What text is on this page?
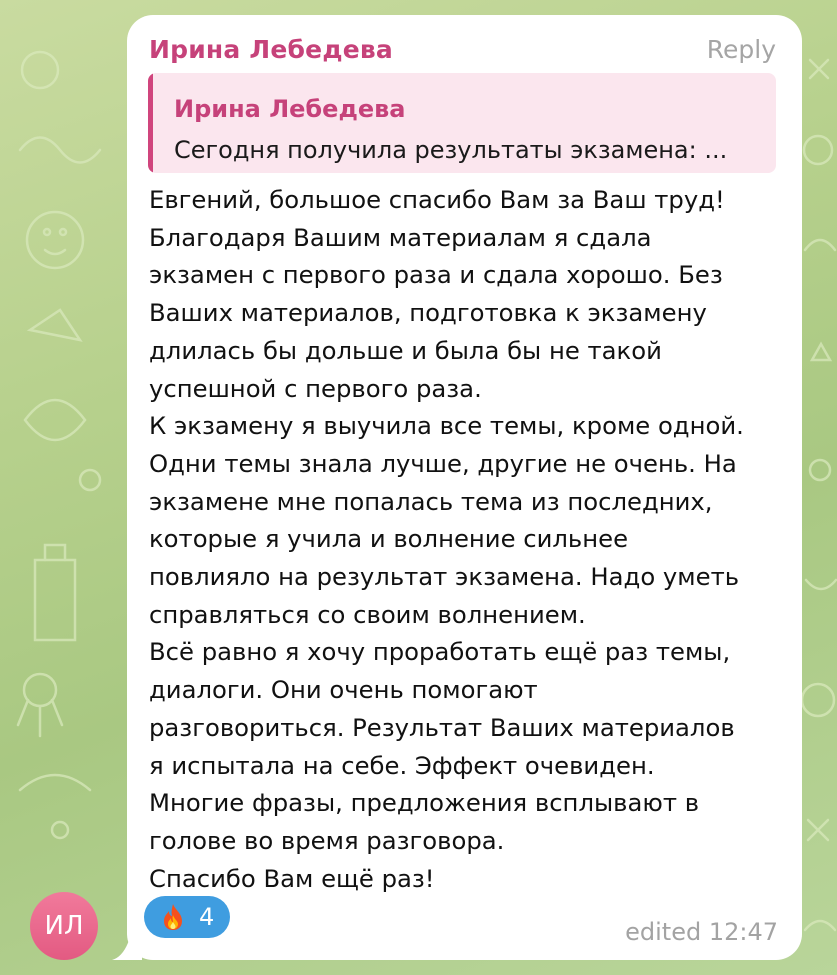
Ирина Лебедева	Reply
Ирина Лебедева
Сегодня получила результаты экзамена: ...
Евгений, большое спасибо Вам за Ваш труд!
Благодаря Вашим материалам я сдала
экзамен с первого раза и сдала хорошо. Без
Ваших материалов, подготовка к экзамену
длилась бы дольше и была бы не такой
успешной с первого раза.
К экзамену я выучила все темы, кроме одной.
Одни темы знала лучше, другие не очень. На
экзамене мне попалась тема из последних,
которые я учила и волнение сильнее
повлияло на результат экзамена. Надо уметь
справляться со своим волнением.
Всё равно я хочу проработать ещё раз темы,
диалоги. Они очень помогают
разговориться. Результат Ваших материалов
я испытала на себе. Эффект очевиден.
Многие фразы, предложения всплывают в
голове во время разговора.
Спасибо Вам ещё раз!
4
edited 12:47
ИЛ
